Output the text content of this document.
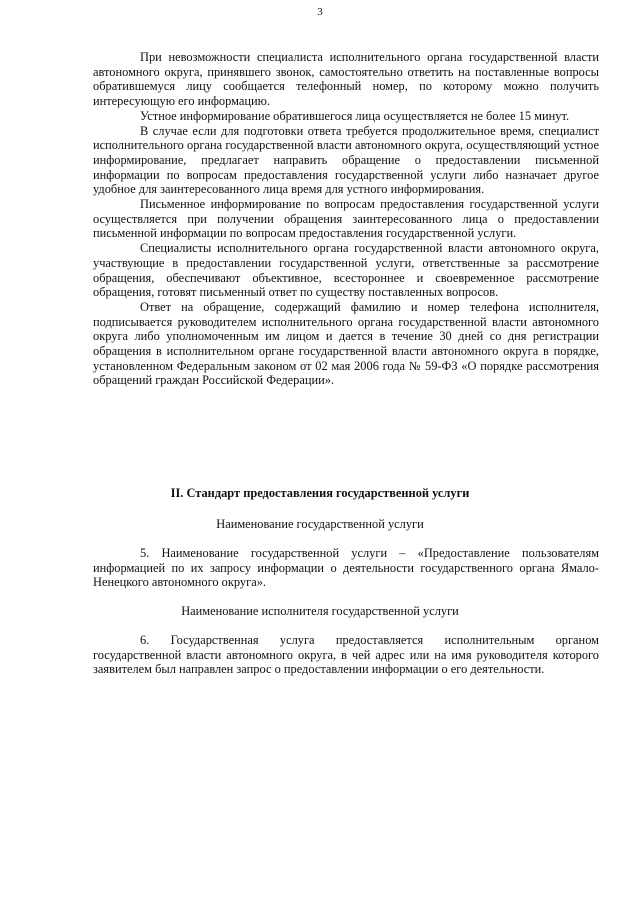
3

При невозможности специалиста исполнительного органа государственной власти автономного округа, принявшего звонок, самостоятельно ответить на поставленные вопросы обратившемуся лицу сообщается телефонный номер, по которому можно получить интересующую его информацию.

Устное информирование обратившегося лица осуществляется не более 15 минут.

В случае если для подготовки ответа требуется продолжительное время, специалист исполнительного органа государственной власти автономного округа, осуществляющий устное информирование, предлагает направить обращение о предоставлении письменной информации по вопросам предоставления государственной услуги либо назначает другое удобное для заинтересованного лица время для устного информирования.

Письменное информирование по вопросам предоставления государственной услуги осуществляется при получении обращения заинтересованного лица о предоставлении письменной информации по вопросам предоставления государственной услуги.

Специалисты исполнительного органа государственной власти автономного округа, участвующие в предоставлении государственной услуги, ответственные за рассмотрение обращения, обеспечивают объективное, всестороннее и своевременное рассмотрение обращения, готовят письменный ответ по существу поставленных вопросов.

Ответ на обращение, содержащий фамилию и номер телефона исполнителя, подписывается руководителем исполнительного органа государственной власти автономного округа либо уполномоченным им лицом и дается в течение 30 дней со дня регистрации обращения в исполнительном органе государственной власти автономного округа в порядке, установленном Федеральным законом от 02 мая 2006 года № 59-ФЗ «О порядке рассмотрения обращений граждан Российской Федерации».

II. Стандарт предоставления государственной услуги
Наименование государственной услуги

5. Наименование государственной услуги – «Предоставление пользователям информацией по их запросу информации о деятельности государственного органа Ямало-Ненецкого автономного округа».

Наименование исполнителя государственной услуги

6. Государственная услуга предоставляется исполнительным органом государственной власти автономного округа, в чей адрес или на имя руководителя которого заявителем был направлен запрос о предоставлении информации о его деятельности.
